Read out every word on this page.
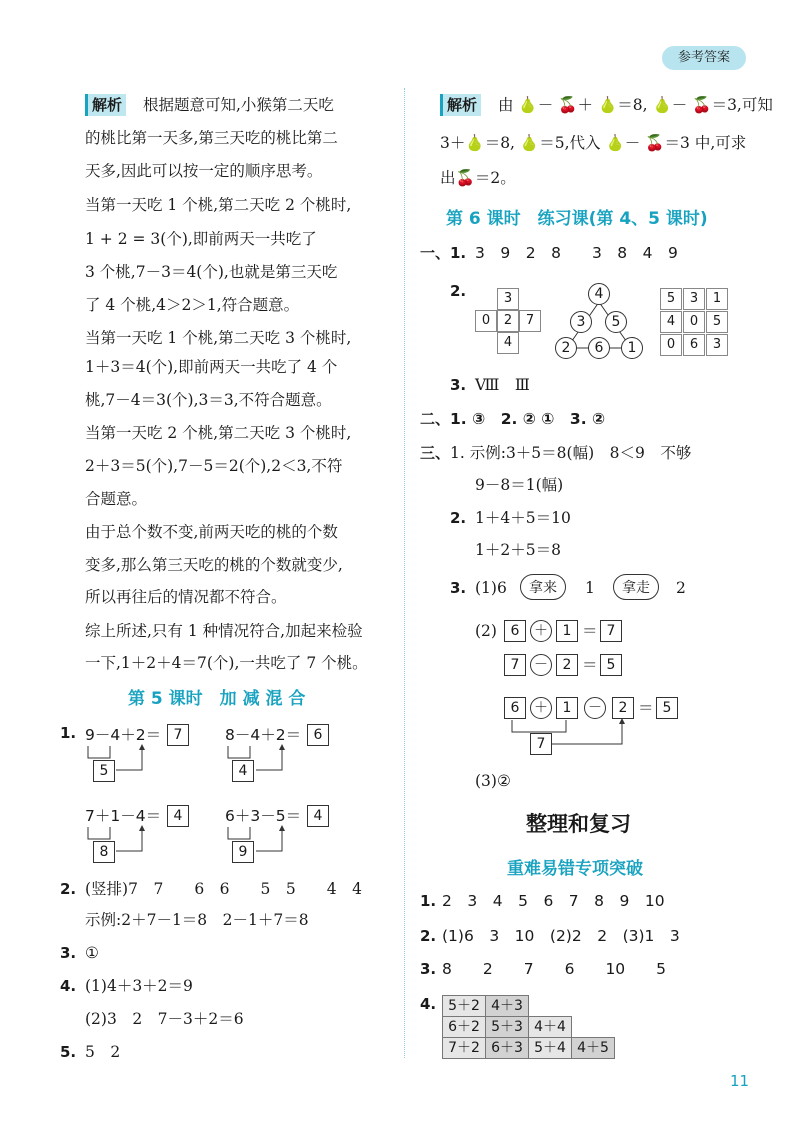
参考答案
解析 根据题意可知,小猴第二天吃
的桃比第一天多,第三天吃的桃比第二
天多,因此可以按一定的顺序思考。
当第一天吃 1 个桃,第二天吃 2 个桃时,
1 + 2 = 3(个),即前两天一共吃了
3 个桃,7－3＝4(个),也就是第三天吃
了 4 个桃,4＞2＞1,符合题意。
当第一天吃 1 个桃,第二天吃 3 个桃时,
1＋3＝4(个),即前两天一共吃了 4 个
桃,7－4＝3(个),3＝3,不符合题意。
当第一天吃 2 个桃,第二天吃 3 个桃时,
2＋3＝5(个),7－5＝2(个),2＜3,不符
合题意。
由于总个数不变,前两天吃的桃的个数
变多,那么第三天吃的桃的个数就变少,
所以再往后的情况都不符合。
综上所述,只有 1 种情况符合,加起来检验
一下,1＋2＋4＝7(个),一共吃了 7 个桃。
第 5 课时　加 减 混 合
1. 9－4＋2＝ 7
5
8－4＋2＝ 6
4
7＋1－4＝ 4
8
6＋3－5＝ 4
9
2. (竖排)7　7　　6　6　　5　5　　4　4
示例:2＋7－1＝8　2－1＋7＝8
3. ①
4. (1)4＋3＋2＝9
(2)3　2　7－3＋2＝6
5. 5　2
解析 由 🍐－ 🍒＋ 🍐＝8, 🍐－ 🍒＝3,可知
3＋🍐＝8, 🍐＝5,代入 🍐－ 🍒＝3 中,可求
出🍒＝2。
第 6 课时　练习课(第 4、5 课时)
一、 1. 3　9　2　8　　3　8　4　9
2.	3
0	2	7
4
4
3	5
2	6	1
5	3	1
4	0	5
0	6	3
3. Ⅷ　Ⅲ
二、 1. ③　2. ② ①　3. ②
三、 1. 示例:3＋5＝8(幅)　8＜9　不够
9－8＝1(幅)
2. 1＋4＋5＝10
1＋2＋5＝8
3. (1)6	拿来	1	拿走	2
(2) 6	＋	1 ＝ 7
7	－	2 ＝ 5
6	＋	1	－	2 ＝ 5
7
(3)②
整理和复习
重难易错专项突破
1. 2　3　4　5　6　7　8　9　10
2. (1)6　3　10　(2)2　2　(3)1　3
3. 8　　2　　7　　6　　10　　5
4. 5＋2 4＋3
6＋2 5＋3 4＋4
7＋2 6＋3 5＋4 4＋5
11
